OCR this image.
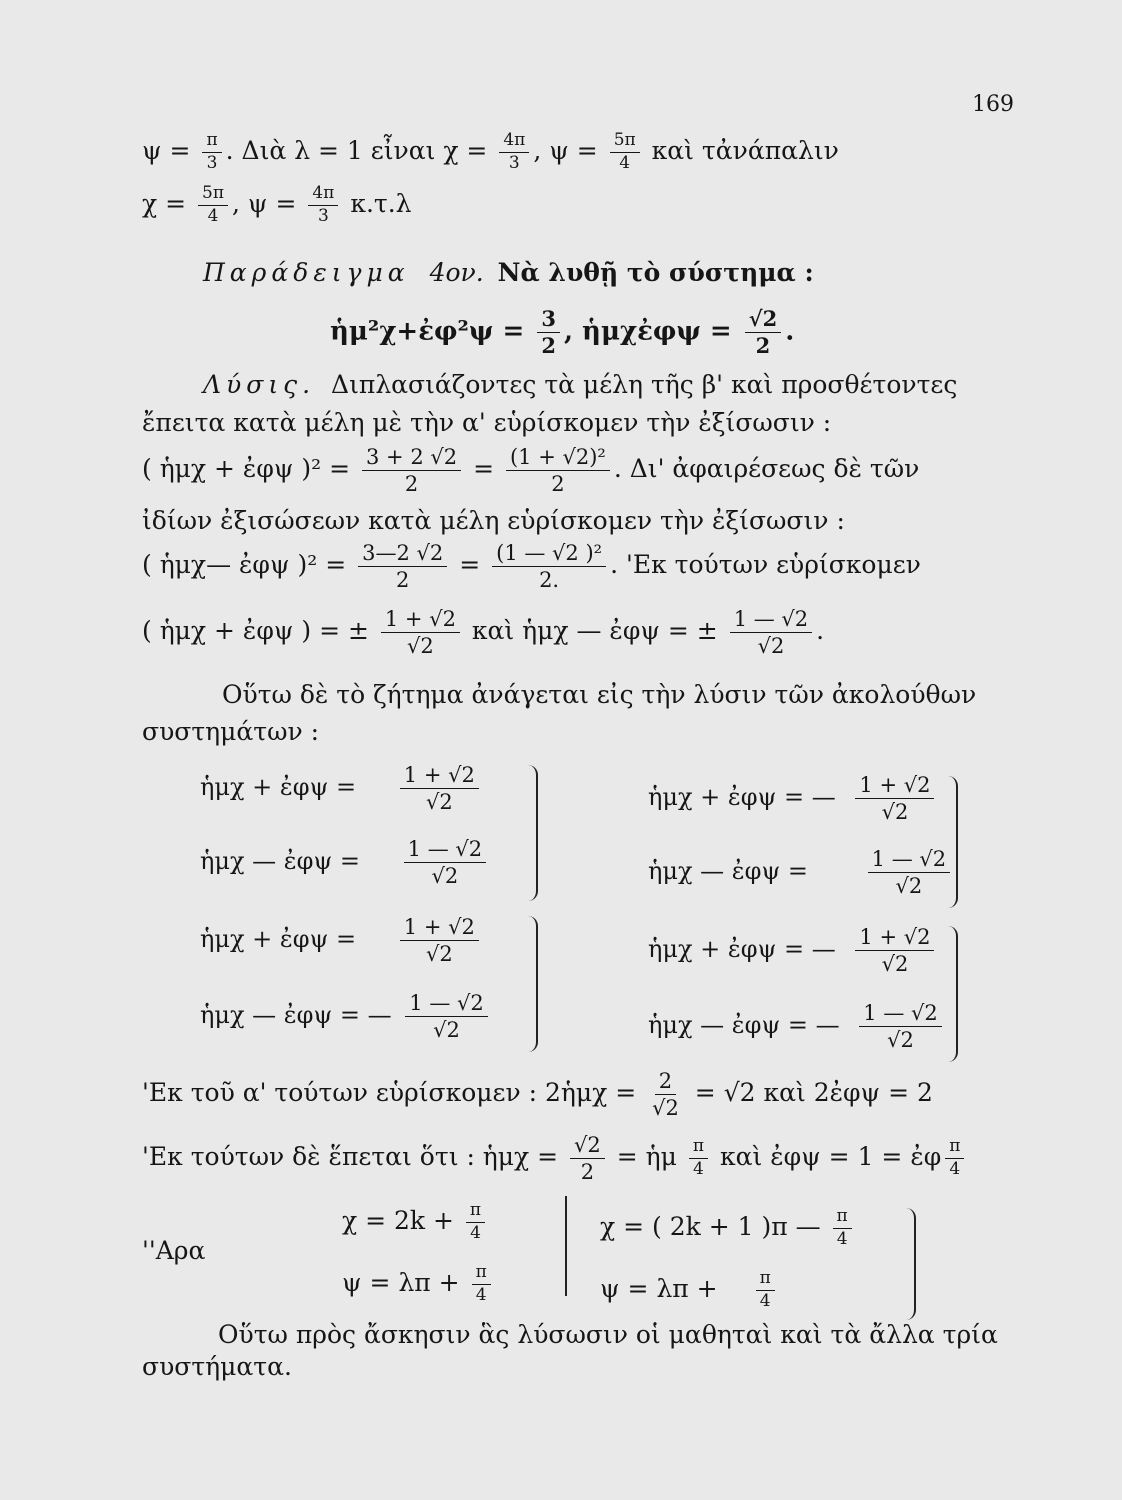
169
$\psi = \frac{\pi}{3}$ . Διὰ λ = 1 εἶναι $\chi = \frac{4\pi}{3}$ , $\psi = \frac{5\pi}{4}$ καὶ τἀνάπαλιν
$\chi = \frac{5\pi}{4}$ , $\psi = \frac{4\pi}{3} \kappa.\tau.\lambda$
Παράδειγμα 4ον. Νὰ λυθῇ τὸ σύστημα :
ἡμ²χ+ἐφ²ψ = $\frac{3}{2}$ , ἡμχἐφψ = $\frac{√2}{2}$ .
Λύσις. Διπλασιάζοντες τὰ μέλη τῆς β' καὶ προσθέτοντες
ἔπειτα κατὰ μέλη μὲ τὴν α' εὑρίσκομεν τὴν ἐξίσωσιν :
( ἡμχ + ἐφψ )$^2 = \frac{3 + 2 √2}{2} = \frac{\text{(1 + √2)²}}{2}$ . Δι' ἀφαιρέσεως δὲ τῶν
ἰδίων ἐξισώσεων κατὰ μέλη εὑρίσκομεν τὴν ἐξίσωσιν :
( ἡμχ— ἐφψ )$^2 = \frac{3—2 √2}{2} = \frac{\text{(1 — √2 )²}}{2.}$ . 'Εκ τούτων εὑρίσκομεν
( ἡμχ + ἐφψ ) = ± $\frac{1 + √2}{√2}$ καὶ ἡμχ — ἐφψ = ± $\frac{1 — √2}{√2}$ .
Οὕτω δὲ τὸ ζήτημα ἀνάγεται εἰς τὴν λύσιν τῶν ἀκολούθων
συστημάτων :
ἡμχ + ἐφψ = $\frac{1 + √2}{√2}$
ἡμχ — ἐφψ = $\frac{1 — √2}{√2}$
ἡμχ + ἐφψ = $\frac{1 + √2}{√2}$
ἡμχ — ἐφψ = — $\frac{1 — √2}{√2}$
ἡμχ + ἐφψ = — $\frac{1 + √2}{√2}$
ἡμχ — ἐφψ =	$\frac{1 — √2}{√2}$
ἡμχ + ἐφψ = — $\frac{1 + √2}{√2}$
ἡμχ — ἐφψ = — $\frac{1 — √2}{√2}$
'Εκ τοῦ α' τούτων εὑρίσκομεν : 2ἡμχ = $\frac{2}{√2} = √2$ καὶ 2ἐφψ = 2
'Εκ τούτων δὲ ἕπεται ὅτι : ἡμχ = $\frac{√2}{2}$ = ἡμ $\frac{\pi}{4}$ καὶ ἐφψ = 1 = ἐφ $\frac{\pi}{4}$
''Αρα
$\chi = 2k + \frac{\pi}{4}$
$\psi = \lambda\pi + \frac{\pi}{4}$
χ = ( 2k + 1 )π — $\frac{\pi}{4}$
$\psi = \lambda\pi + \frac{\pi}{4}$
Οὕτω πρὸς ἄσκησιν ἃς λύσωσιν οἱ μαθηταὶ καὶ τὰ ἄλλα τρία
συστήματα.
